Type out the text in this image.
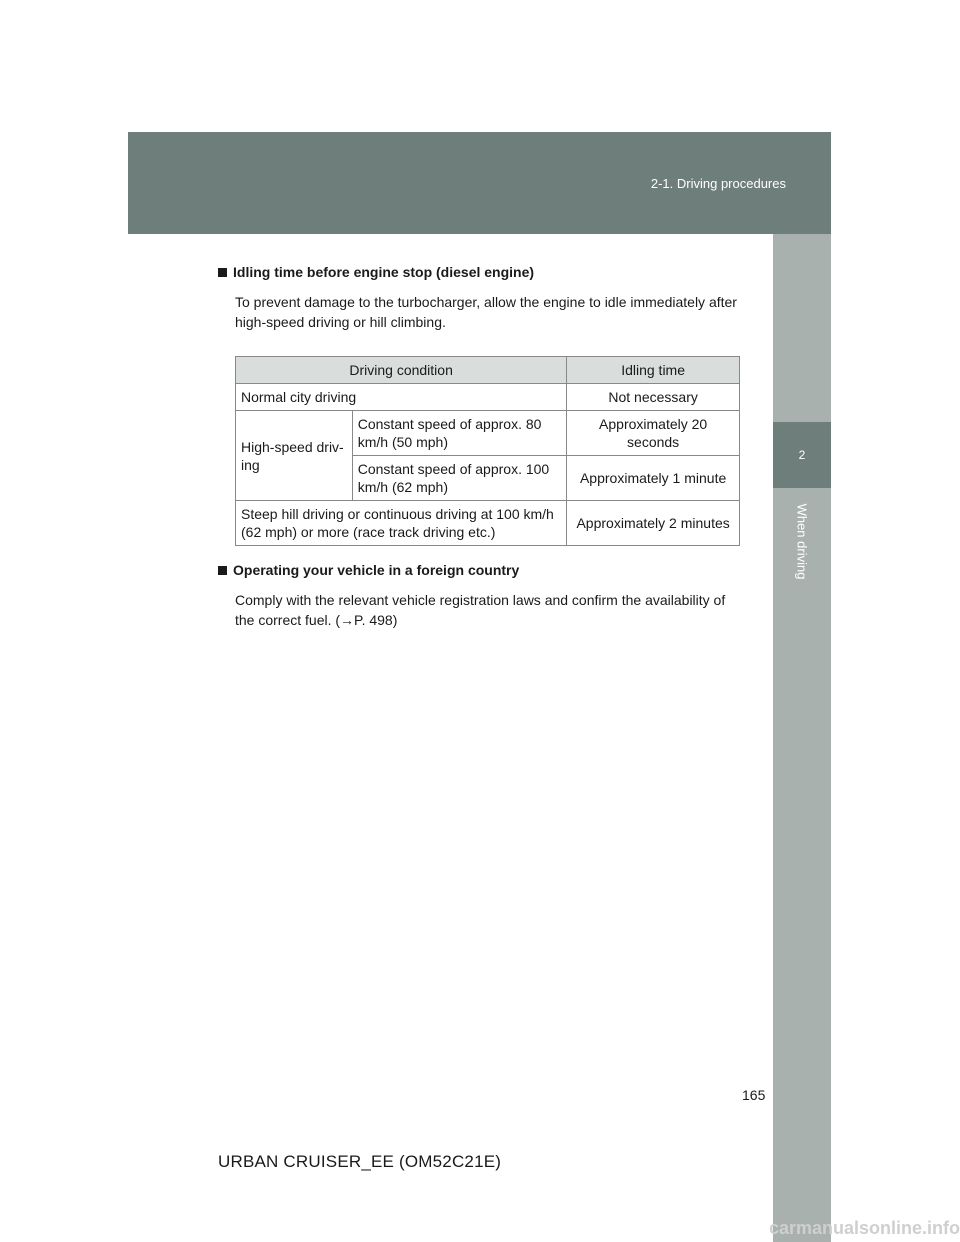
2-1. Driving procedures
2
When driving

Idling time before engine stop (diesel engine)

To prevent damage to the turbocharger, allow the engine to idle immediately after high-speed driving or hill climbing.

Driving condition		Idling time
Normal city driving		Not necessary
High-speed driv-ing	Constant speed of approx. 80 km/h (50 mph)	Approximately 20 seconds
	Constant speed of approx. 100 km/h (62 mph)	Approximately 1 minute
Steep hill driving or continuous driving at 100 km/h (62 mph) or more (race track driving etc.)		Approximately 2 minutes

Operating your vehicle in a foreign country

Comply with the relevant vehicle registration laws and confirm the availability of the correct fuel. (→P. 498)

165
URBAN CRUISER_EE (OM52C21E)
carmanualsonline.info
